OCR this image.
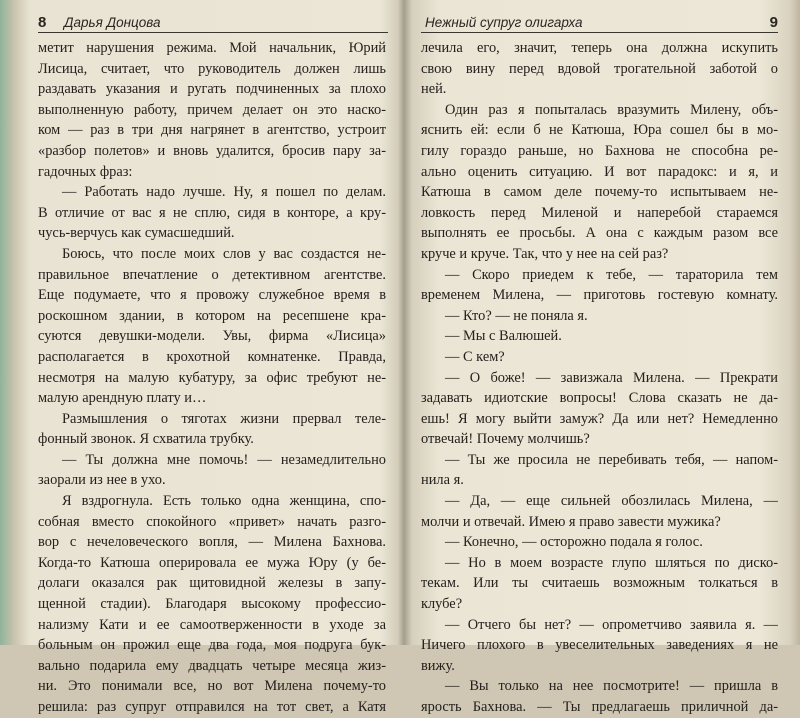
8 Дарья Донцова
метит нарушения режима. Мой начальник, Юрий
Лисица, считает, что руководитель должен лишь
раздавать указания и ругать подчиненных за плохо
выполненную работу, причем делает он это наско-
ком — раз в три дня нагрянет в агентство, устроит
«разбор полетов» и вновь удалится, бросив пару за-
гадочных фраз:
— Работать надо лучше. Ну, я пошел по делам.
В отличие от вас я не сплю, сидя в конторе, а кру-
чусь-верчусь как сумасшедший.
Боюсь, что после моих слов у вас создастся не-
правильное впечатление о детективном агентстве.
Еще подумаете, что я провожу служебное время в
роскошном здании, в котором на ресепшене кра-
суются девушки-модели. Увы, фирма «Лисица»
располагается в крохотной комнатенке. Правда,
несмотря на малую кубатуру, за офис требуют не-
малую арендную плату и…
Размышления о тяготах жизни прервал теле-
фонный звонок. Я схватила трубку.
— Ты должна мне помочь! — незамедлительно
заорали из нее в ухо.
Я вздрогнула. Есть только одна женщина, спо-
собная вместо спокойного «привет» начать разго-
вор с нечеловеческого вопля, — Милена Бахнова.
Когда-то Катюша оперировала ее мужа Юру (у бе-
долаги оказался рак щитовидной железы в запу-
щенной стадии). Благодаря высокому профессио-
нализму Кати и ее самоотверженности в уходе за
больным он прожил еще два года, моя подруга бук-
вально подарила ему двадцать четыре месяца жиз-
ни. Это понимали все, но вот Милена почему-то
решила: раз супруг отправился на тот свет, а Катя
Нежный супруг олигарха	9
лечила его, значит, теперь она должна искупить
свою вину перед вдовой трогательной заботой о
ней.
Один раз я попыталась вразумить Милену, объ-
яснить ей: если б не Катюша, Юра сошел бы в мо-
гилу гораздо раньше, но Бахнова не способна ре-
ально оценить ситуацию. И вот парадокс: и я, и
Катюша в самом деле почему-то испытываем не-
ловкость перед Миленой и наперебой стараемся
выполнять ее просьбы. А она с каждым разом все
круче и круче. Так, что у нее на сей раз?
— Скоро приедем к тебе, — тараторила тем
временем Милена, — приготовь гостевую комнату.
— Кто? — не поняла я.
— Мы с Валюшей.
— С кем?
— О боже! — завизжала Милена. — Прекрати
задавать идиотские вопросы! Слова сказать не да-
ешь! Я могу выйти замуж? Да или нет? Немедленно
отвечай! Почему молчишь?
— Ты же просила не перебивать тебя, — напом-
нила я.
— Да, — еще сильней обозлилась Милена, —
молчи и отвечай. Имею я право завести мужика?
— Конечно, — осторожно подала я голос.
— Но в моем возрасте глупо шляться по диско-
текам. Или ты считаешь возможным толкаться в
клубе?
— Отчего бы нет? — опрометчиво заявила я. —
Ничего плохого в увеселительных заведениях я не
вижу.
— Вы только на нее посмотрите! — пришла в
ярость Бахнова. — Ты предлагаешь приличной да-
